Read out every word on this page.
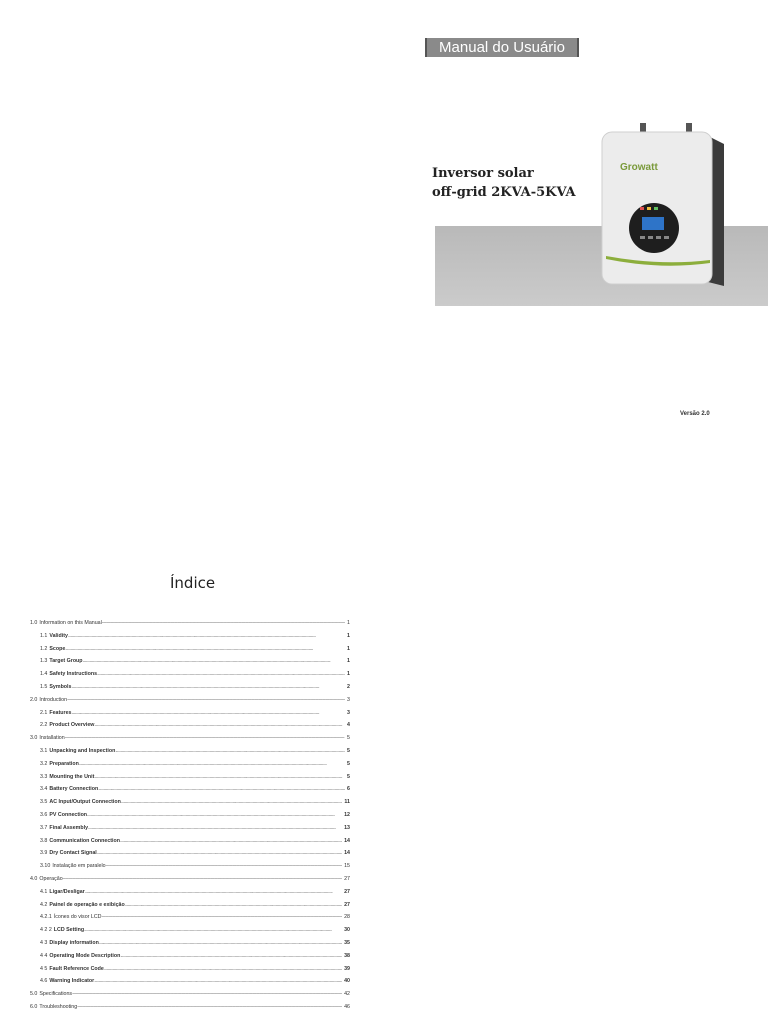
Manual do Usuário
Inversor solar
off-grid 2KVA-5KVA
Growatt
Versão 2.0
Índice
1.0 Information on this Manual -----	1
1.1 Validity .....	1
1.2 Scope .....	1
1.3 Target Group .....	1
1.4 Safety Instructions .....	1
1.5 Symbols .....	2
2.0 Introduction -----	3
2.1 Features .....	3
2.2 Product Overview .....	4
3.0 Installation -----	5
3.1 Unpacking and Inspection .....	5
3.2 Preparation .....	5
3.3 Mounting the Unit .....	5
3.4 Battery Connection .....	6
3.5 AC Input/Output Connection .....	11
3.6 PV Connection .....	12
3.7 Final Assembly .....	13
3.8 Communication Connection .....	14
3.9 Dry Contact Signal .....	14
3.10 Instalação em paralelo -----	15
4.0 Operação -----	27
4.1 Ligar/Desligar .....	27
4.2 Painel de operação e exibição .....	27
4.2.1 Ícones do visor LCD -----	28
4 2 2 LCD Setting .....	30
4 3 Display information .....	35
4 4 Operating Mode Description .....	38
4 5 Fault Reference Code .....	39
4.6 Warning Indicator .....	40
5.0 Specifications -----	42
6.0 Troubleshooting -----	46
